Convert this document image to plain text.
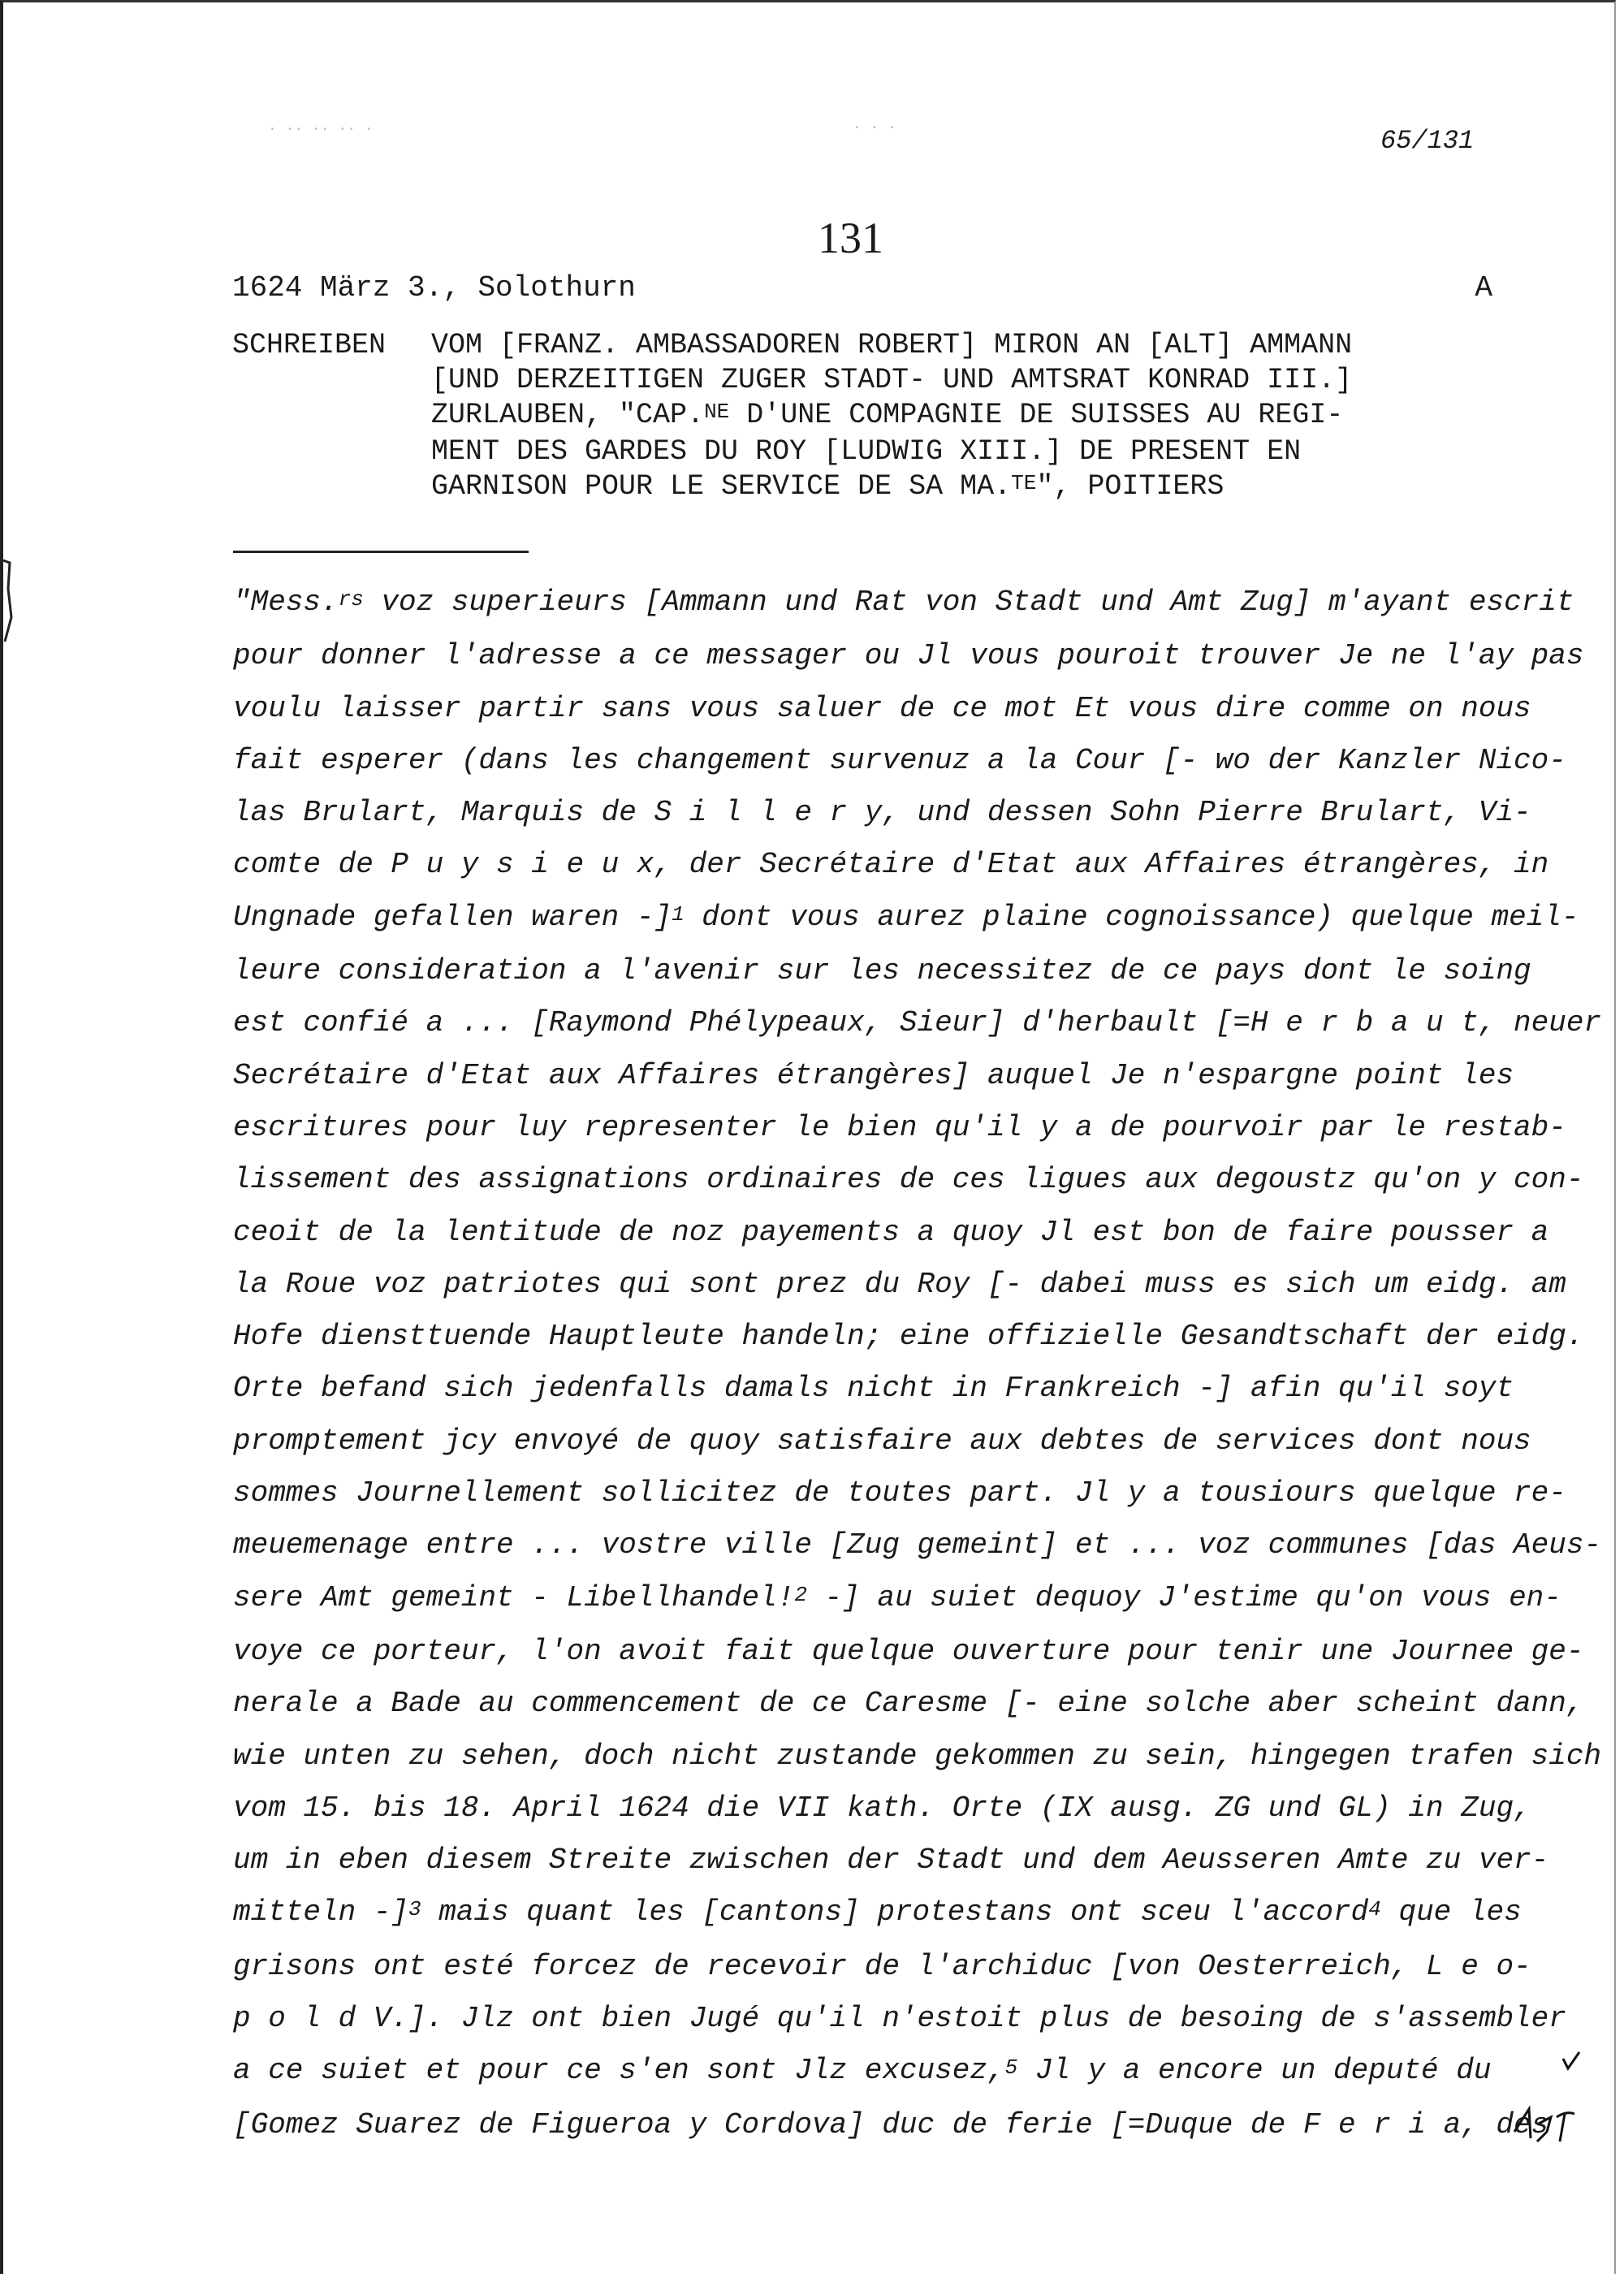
· ·· ·· ·· ·	· · ·	65/131
131
1624 März 3., Solothurn	A
SCHREIBEN VOM [FRANZ. AMBASSADOREN ROBERT] MIRON AN [ALT] AMMANN
[UND DERZEITIGEN ZUGER STADT- UND AMTSRAT KONRAD III.]
ZURLAUBEN, "CAP.$^{NE}$ D'UNE COMPAGNIE DE SUISSES AU REGI-
MENT DES GARDES DU ROY [LUDWIG XIII.] DE PRESENT EN
GARNISON POUR LE SERVICE DE SA MA.$^{TE}$", POITIERS
"Mess.$^{rs}$ voz superieurs [Ammann und Rat von Stadt und Amt Zug] m'ayant escrit
pour donner l'adresse a ce messager ou Jl vous pouroit trouver Je ne l'ay pas
voulu laisser partir sans vous saluer de ce mot Et vous dire comme on nous
fait esperer (dans les changement survenuz a la Cour [- wo der Kanzler Nico-
las Brulart, Marquis de S i l l e r y, und dessen Sohn Pierre Brulart, Vi-
comte de P u y s i e u x, der Secrétaire d'Etat aux Affaires étrangères, in
Ungnade gefallen waren -]$^1$ dont vous aurez plaine cognoissance) quelque meil-
leure consideration a l'avenir sur les necessitez de ce pays dont le soing
est confié a ... [Raymond Phélypeaux, Sieur] d'herbault [=H e r b a u t, neuer
Secrétaire d'Etat aux Affaires étrangères] auquel Je n'espargne point les
escritures pour luy representer le bien qu'il y a de pourvoir par le restab-
lissement des assignations ordinaires de ces ligues aux degoustz qu'on y con-
ceoit de la lentitude de noz payements a quoy Jl est bon de faire pousser a
la Roue voz patriotes qui sont prez du Roy [- dabei muss es sich um eidg. am
Hofe diensttuende Hauptleute handeln; eine offizielle Gesandtschaft der eidg.
Orte befand sich jedenfalls damals nicht in Frankreich -] afin qu'il soyt
promptement jcy envoyé de quoy satisfaire aux debtes de services dont nous
sommes Journellement sollicitez de toutes part. Jl y a tousiours quelque re-
meuemenage entre ... vostre ville [Zug gemeint] et ... voz communes [das Aeus-
sere Amt gemeint - Libellhandel!$^2$ -] au suiet dequoy J'estime qu'on vous en-
voye ce porteur, l'on avoit fait quelque ouverture pour tenir une Journee ge-
nerale a Bade au commencement de ce Caresme [- eine solche aber scheint dann,
wie unten zu sehen, doch nicht zustande gekommen zu sein, hingegen trafen sich
vom 15. bis 18. April 1624 die VII kath. Orte (IX ausg. ZG und GL) in Zug,
um in eben diesem Streite zwischen der Stadt und dem Aeusseren Amte zu ver-
mitteln -]$^3$ mais quant les [cantons] protestans ont sceu l'accord$^4$ que les
grisons ont esté forcez de recevoir de l'archiduc [von Oesterreich, L e o-
p o l d V.]. Jlz ont bien Jugé qu'il n'estoit plus de besoing de s'assembler
a ce suiet et pour ce s'en sont Jlz excusez,$^5$ Jl y a encore un deputé du
[Gomez Suarez de Figueroa y Cordova] duc de ferie [=Duque de F e r i a, des
